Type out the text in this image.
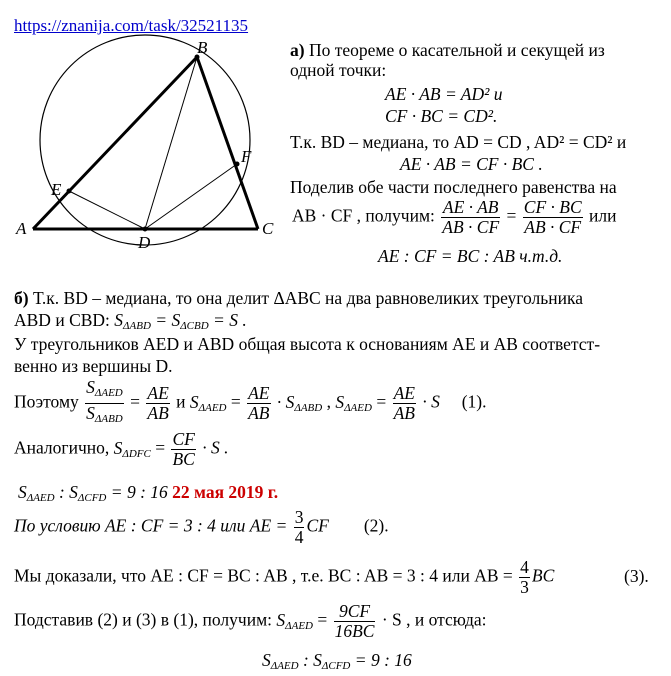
https://znanija.com/task/32521135
B
A	C
D
E
F
а) По теореме о касательной и секущей из
одной точки:
AE · AB = AD² и
CF · BC = CD².
Т.к. BD – медиана, то AD = CD , AD² = CD² и
AE · AB = CF · BC .
Поделив обе части последнего равенства на
AB · CF , получим: $\frac{AE \cdot AB}{AB \cdot CF} = \frac{CF \cdot BC}{AB \cdot CF}$ или
AE : CF = BC : AB ч.т.д.
б) Т.к. BD – медиана, то она делит ΔABC на два равновеликих треугольника
ABD и CBD: $S_{\Delta ABD} = S_{\Delta CBD} = S$ .
У треугольников AED и ABD общая высота к основаниям AE и AB соответст-
венно из вершины D.
Поэтому $\frac{S_{\Delta AED}}{S_{\Delta ABD}} = \frac{AE}{AB}$ и $S_{\Delta AED} = \frac{AE}{AB} \cdot S_{\Delta ABD}$ , $S_{\Delta AED} = \frac{AE}{AB} \cdot S$ (1).
Аналогично, $S_{\Delta DFC} = \frac{CF}{BC} \cdot S$ .
$S_{\Delta AED}$ : $S_{\Delta CFD} = 9$ : 16 22 мая 2019 г.
По условию AE : CF = 3 : 4 или AE = $\frac{3}{4}$ CF (2).
Мы доказали, что AE : CF = BC : AB , т.е. BC : AB = 3 : 4 или AB = $\frac{4}{3}$ BC	(3).
Подставив (2) и (3) в (1), получим: $S_{\Delta AED} = \frac{9CF}{16BC} \cdot S$ , и отсюда:
$S_{\Delta AED}$ : $S_{\Delta CFD} = 9$ : 16
